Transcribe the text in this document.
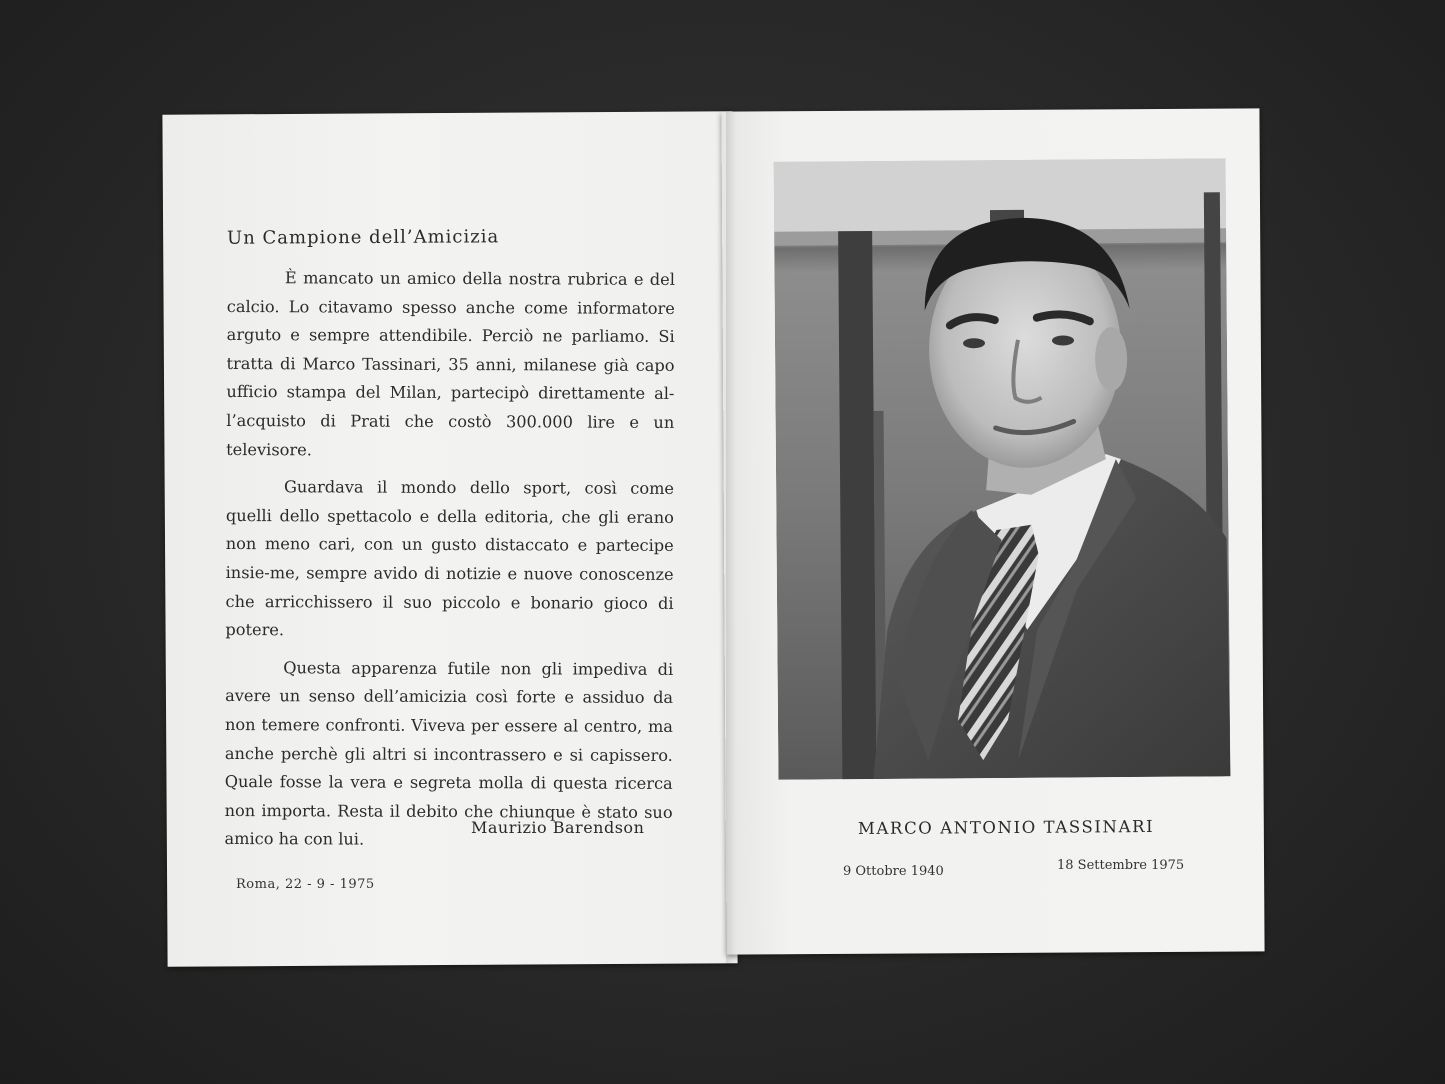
Un Campione dell’Amicizia

È mancato un amico della nostra rubrica e del calcio. Lo citavamo spesso anche come informatore arguto e sempre attendibile. Perciò ne parliamo. Si tratta di Marco Tassinari, 35 anni, milanese già capo ufficio stampa del Milan, partecipò direttamente al-l’acquisto di Prati che costò 300.000 lire e un televisore.

Guardava il mondo dello sport, così come quelli dello spettacolo e della editoria, che gli erano non meno cari, con un gusto distaccato e partecipe insie-me, sempre avido di notizie e nuove conoscenze che arricchissero il suo piccolo e bonario gioco di potere.

Questa apparenza futile non gli impediva di avere un senso dell’amicizia così forte e assiduo da non temere confronti. Viveva per essere al centro, ma anche perchè gli altri si incontrassero e si capissero. Quale fosse la vera e segreta molla di questa ricerca non importa. Resta il debito che chiunque è stato suo amico ha con lui.

Maurizio Barendson
Roma, 22 - 9 - 1975
MARCO ANTONIO TASSINARI
9 Ottobre 1940	18 Settembre 1975
